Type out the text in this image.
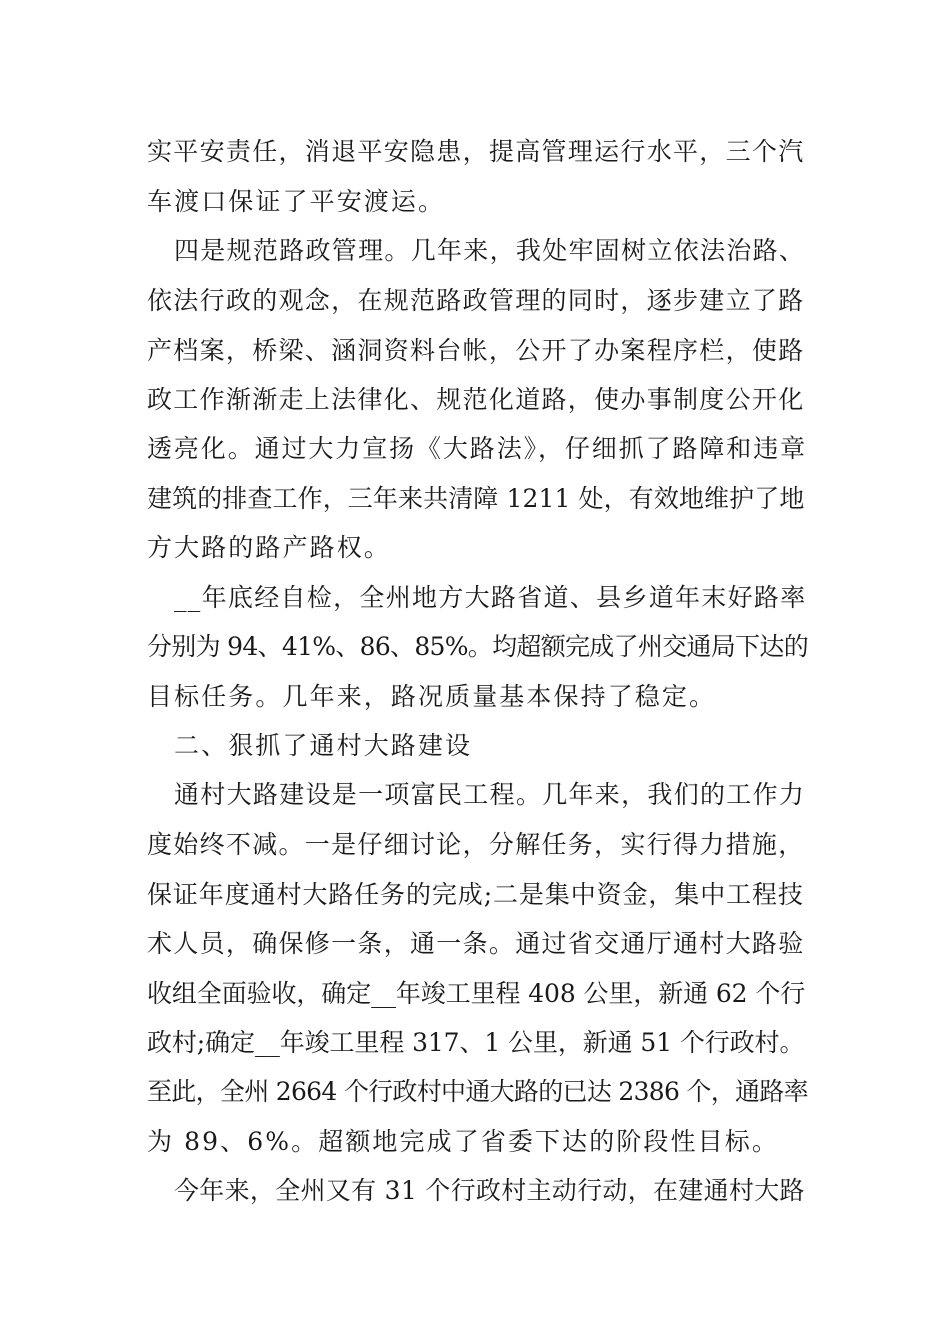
实平安责任，消退平安隐患，提高管理运行水平，三个汽
车渡口保证了平安渡运。
四是规范路政管理。几年来，我处牢固树立依法治路、
依法行政的观念，在规范路政管理的同时，逐步建立了路
产档案，桥梁、涵洞资料台帐，公开了办案程序栏，使路
政工作渐渐走上法律化、规范化道路，使办事制度公开化
透亮化。通过大力宣扬《大路法》，仔细抓了路障和违章
建筑的排查工作，三年来共清障 1211 处，有效地维护了地
方大路的路产路权。
__年底经自检，全州地方大路省道、县乡道年末好路率
分别为 94、41%、86、85%。均超额完成了州交通局下达的
目标任务。几年来，路况质量基本保持了稳定。
二、狠抓了通村大路建设
通村大路建设是一项富民工程。几年来，我们的工作力
度始终不减。一是仔细讨论，分解任务，实行得力措施，
保证年度通村大路任务的完成;二是集中资金，集中工程技
术人员，确保修一条，通一条。通过省交通厅通村大路验
收组全面验收，确定__年竣工里程 408 公里，新通 62 个行
政村;确定__年竣工里程 317、1 公里，新通 51 个行政村。
至此，全州 2664 个行政村中通大路的已达 2386 个，通路率
为 89、6%。超额地完成了省委下达的阶段性目标。
今年来，全州又有 31 个行政村主动行动，在建通村大路
